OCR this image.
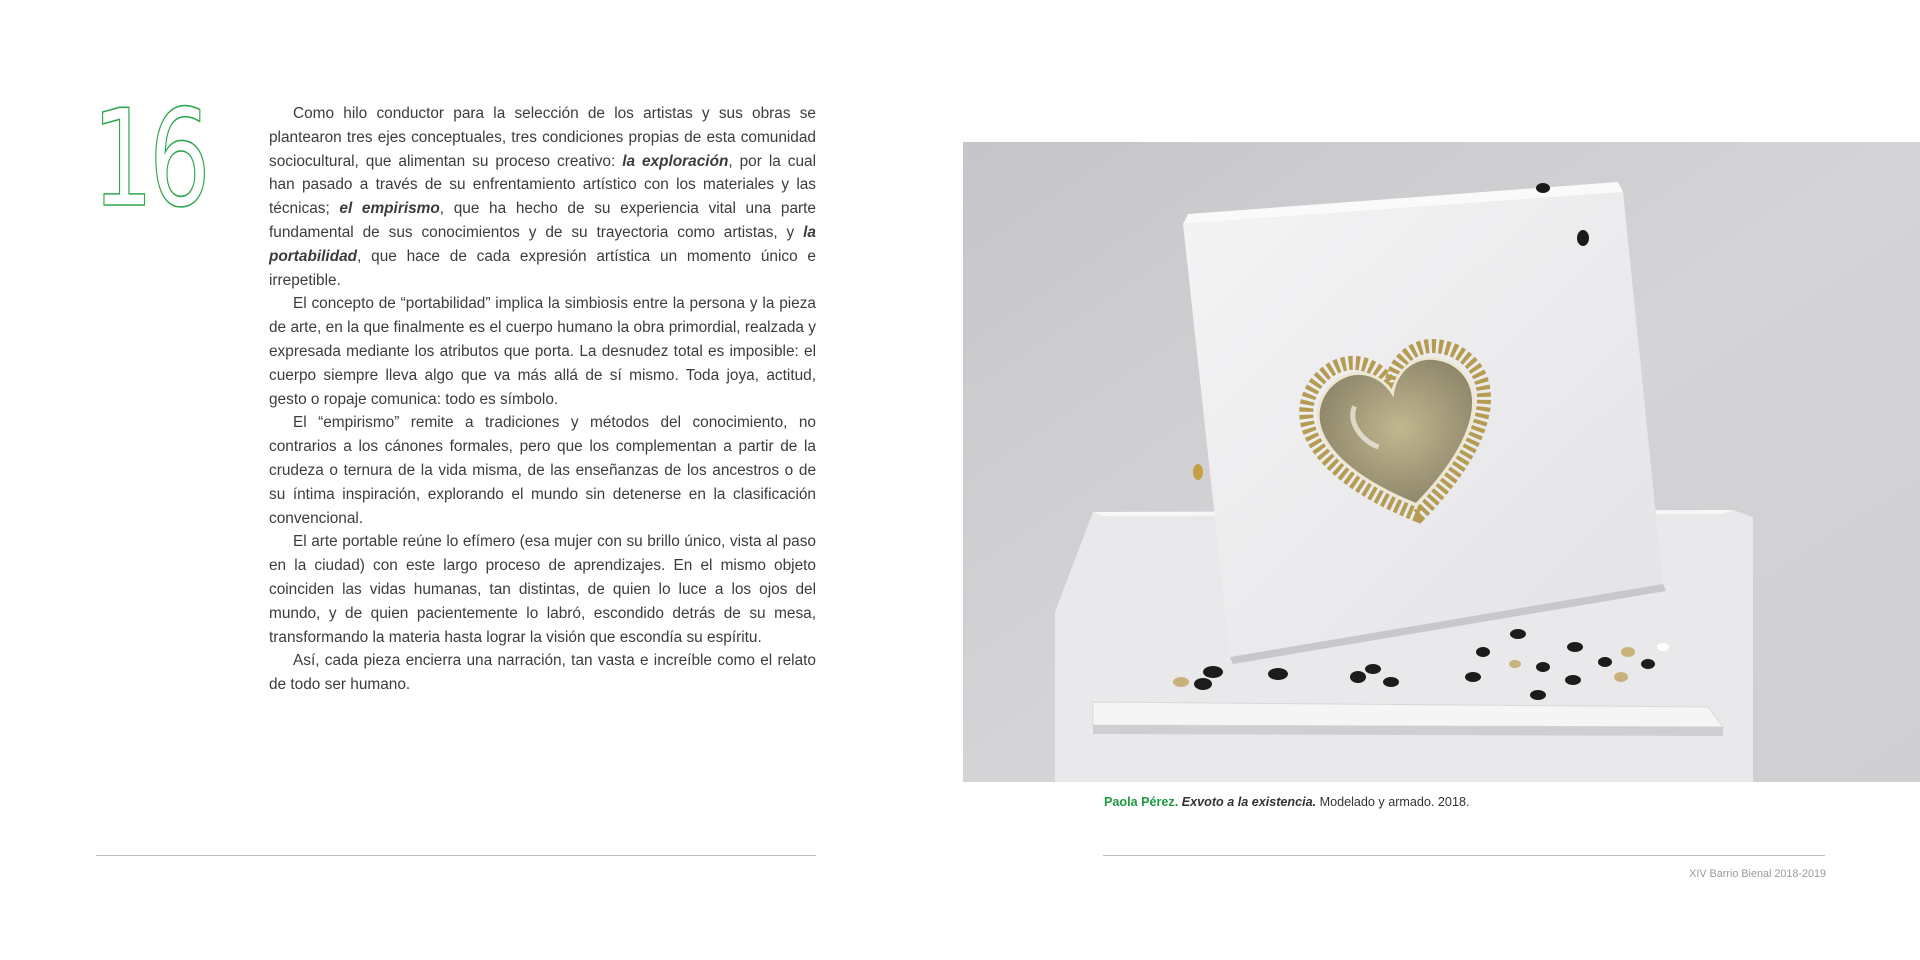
16	Como hilo conductor para la selección de los artistas y sus obras se plantearon tres ejes conceptuales, tres condiciones propias de esta comunidad sociocultural, que alimentan su proceso creativo: la exploración, por la cual han pasado a través de su enfrentamiento artístico con los materiales y las técnicas; el empirismo, que ha hecho de su experiencia vital una parte fundamental de sus conocimientos y de su trayectoria como artistas, y la portabilidad, que hace de cada expresión artística un momento único e irrepetible.

El concepto de “portabilidad” implica la simbiosis entre la persona y la pieza de arte, en la que finalmente es el cuerpo humano la obra primordial, realzada y expresada mediante los atributos que porta. La desnudez total es imposible: el cuerpo siempre lleva algo que va más allá de sí mismo. Toda joya, actitud, gesto o ropaje comunica: todo es símbolo.

El “empirismo” remite a tradiciones y métodos del conocimiento, no contrarios a los cánones formales, pero que los complementan a partir de la crudeza o ternura de la vida misma, de las enseñanzas de los ancestros o de su íntima inspiración, explorando el mundo sin detenerse en la clasificación convencional.

El arte portable reúne lo efímero (esa mujer con su brillo único, vista al paso en la ciudad) con este largo proceso de aprendizajes. En el mismo objeto coinciden las vidas humanas, tan distintas, de quien lo luce a los ojos del mundo, y de quien pacientemente lo labró, escondido detrás de su mesa, transformando la materia hasta lograr la visión que escondía su espíritu.

Así, cada pieza encierra una narración, tan vasta e increíble como el relato de todo ser humano.

Paola Pérez. Exvoto a la existencia. Modelado y armado. 2018.
XIV Barrio Bienal 2018-2019
